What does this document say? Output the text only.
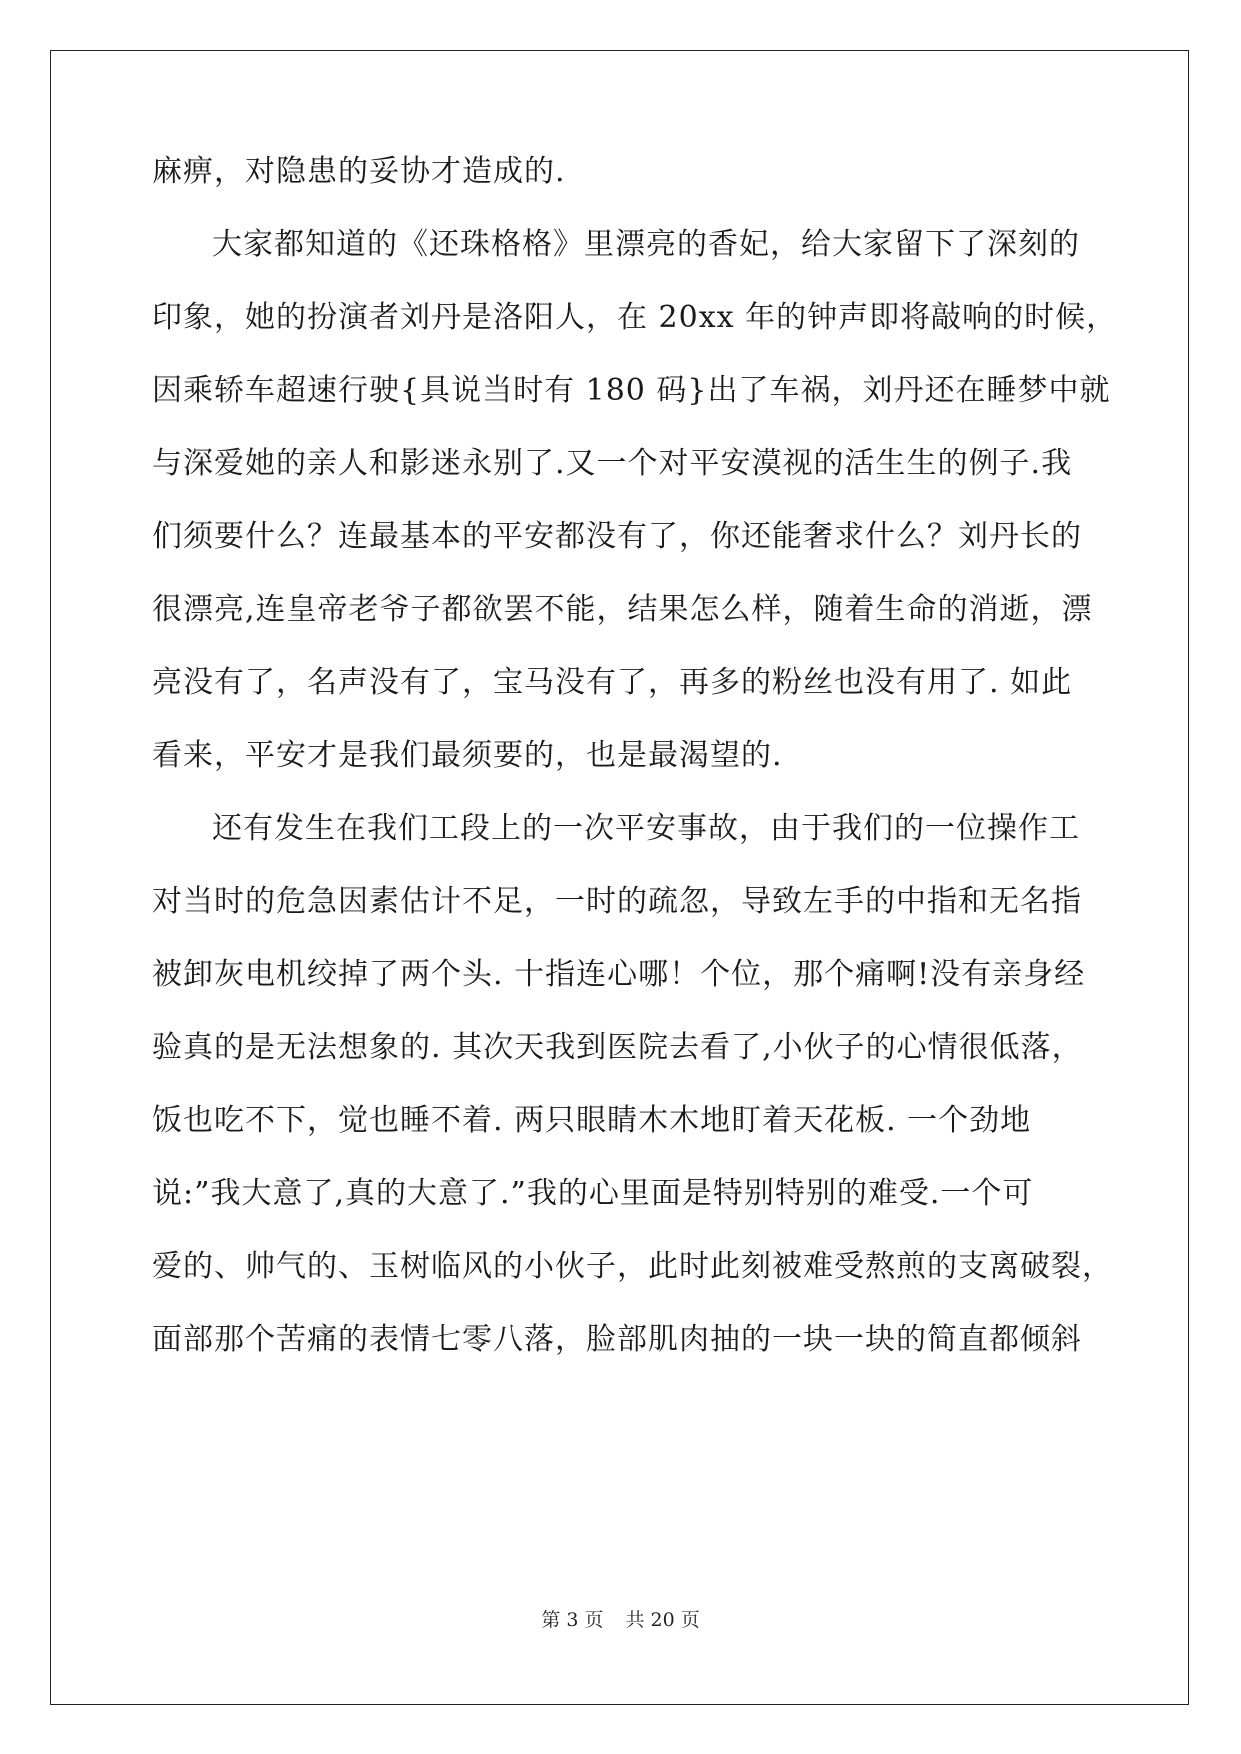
麻痹，对隐患的妥协才造成的.
大家都知道的《还珠格格》里漂亮的香妃，给大家留下了深刻的
印象，她的扮演者刘丹是洛阳人，在 20xx 年的钟声即将敲响的时候，
因乘轿车超速行驶{具说当时有 180 码}出了车祸，刘丹还在睡梦中就
与深爱她的亲人和影迷永别了.又一个对平安漠视的活生生的例子.我
们须要什么？连最基本的平安都没有了，你还能奢求什么？刘丹长的
很漂亮,连皇帝老爷子都欲罢不能，结果怎么样，随着生命的消逝，漂
亮没有了，名声没有了，宝马没有了，再多的粉丝也没有用了. 如此
看来，平安才是我们最须要的，也是最渴望的.
还有发生在我们工段上的一次平安事故，由于我们的一位操作工
对当时的危急因素估计不足，一时的疏忽，导致左手的中指和无名指
被卸灰电机绞掉了两个头. 十指连心哪！个位，那个痛啊!没有亲身经
验真的是无法想象的. 其次天我到医院去看了,小伙子的心情很低落，
饭也吃不下，觉也睡不着. 两只眼睛木木地盯着天花板. 一个劲地
说:”我大意了,真的大意了.”我的心里面是特别特别的难受.一个可
爱的、帅气的、玉树临风的小伙子，此时此刻被难受熬煎的支离破裂，
面部那个苦痛的表情七零八落，脸部肌肉抽的一块一块的简直都倾斜
第 3 页 共 20 页
